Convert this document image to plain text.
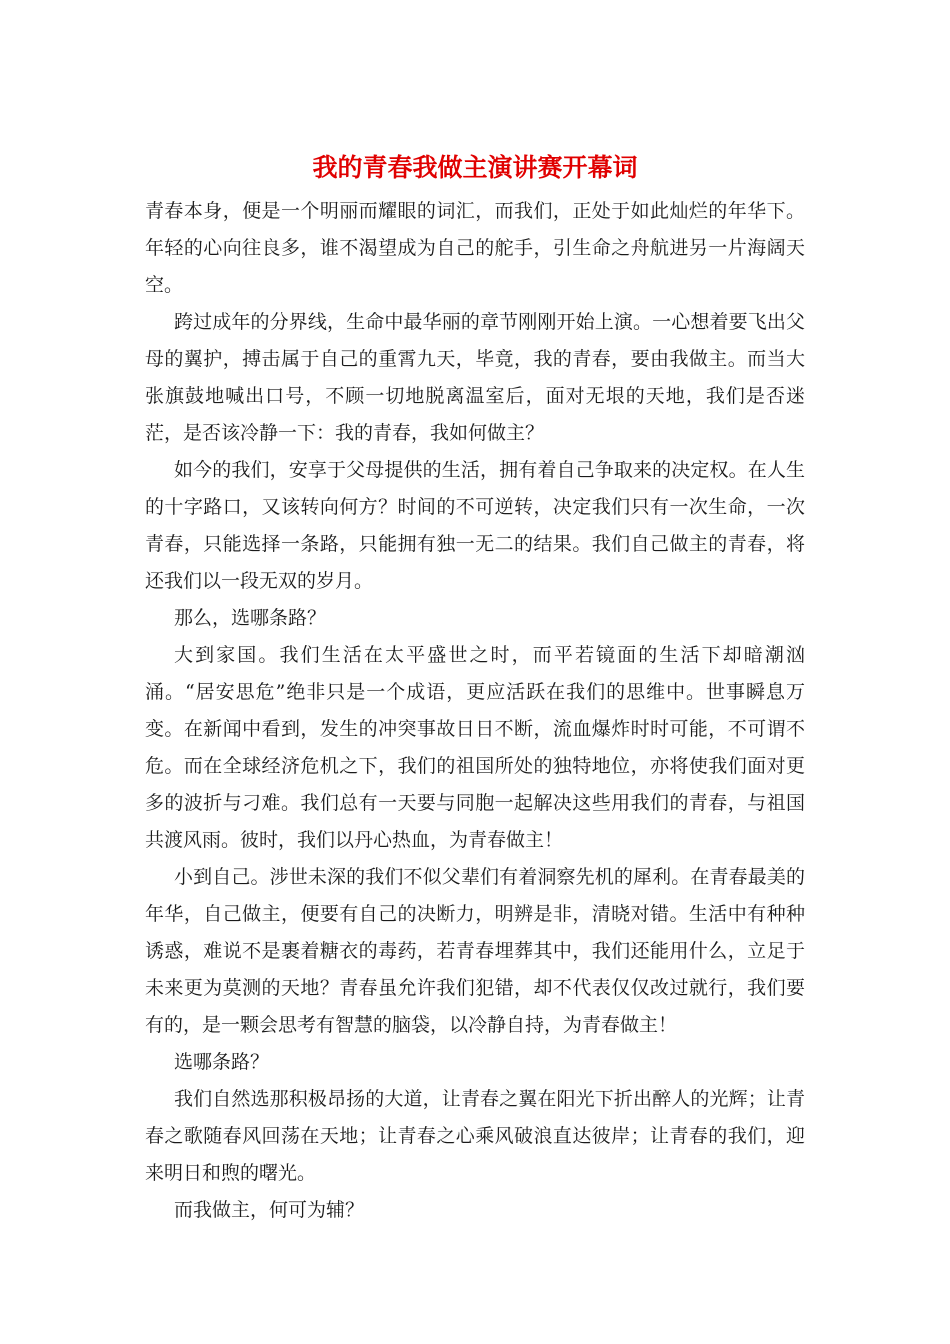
我的青春我做主演讲赛开幕词

青春本身，便是一个明丽而耀眼的词汇，而我们，正处于如此灿烂的年华下。年轻的心向往良多，谁不渴望成为自己的舵手，引生命之舟航进另一片海阔天空。

跨过成年的分界线，生命中最华丽的章节刚刚开始上演。一心想着要飞出父母的翼护，搏击属于自己的重霄九天，毕竟，我的青春，要由我做主。而当大张旗鼓地喊出口号，不顾一切地脱离温室后，面对无垠的天地，我们是否迷茫，是否该冷静一下：我的青春，我如何做主？

如今的我们，安享于父母提供的生活，拥有着自己争取来的决定权。在人生的十字路口，又该转向何方？时间的不可逆转，决定我们只有一次生命，一次青春，只能选择一条路，只能拥有独一无二的结果。我们自己做主的青春，将还我们以一段无双的岁月。

那么，选哪条路？

大到家国。我们生活在太平盛世之时，而平若镜面的生活下却暗潮汹涌。“居安思危”绝非只是一个成语，更应活跃在我们的思维中。世事瞬息万变。在新闻中看到，发生的冲突事故日日不断，流血爆炸时时可能，不可谓不危。而在全球经济危机之下，我们的祖国所处的独特地位，亦将使我们面对更多的波折与刁难。我们总有一天要与同胞一起解决这些用我们的青春，与祖国共渡风雨。彼时，我们以丹心热血，为青春做主！

小到自己。涉世未深的我们不似父辈们有着洞察先机的犀利。在青春最美的年华，自己做主，便要有自己的决断力，明辨是非，清晓对错。生活中有种种诱惑，难说不是裹着糖衣的毒药，若青春埋葬其中，我们还能用什么，立足于未来更为莫测的天地？青春虽允许我们犯错，却不代表仅仅改过就行，我们要有的，是一颗会思考有智慧的脑袋，以冷静自持，为青春做主！

选哪条路？

我们自然选那积极昂扬的大道，让青春之翼在阳光下折出醉人的光辉；让青春之歌随春风回荡在天地；让青春之心乘风破浪直达彼岸；让青春的我们，迎来明日和煦的曙光。

而我做主，何可为辅？
